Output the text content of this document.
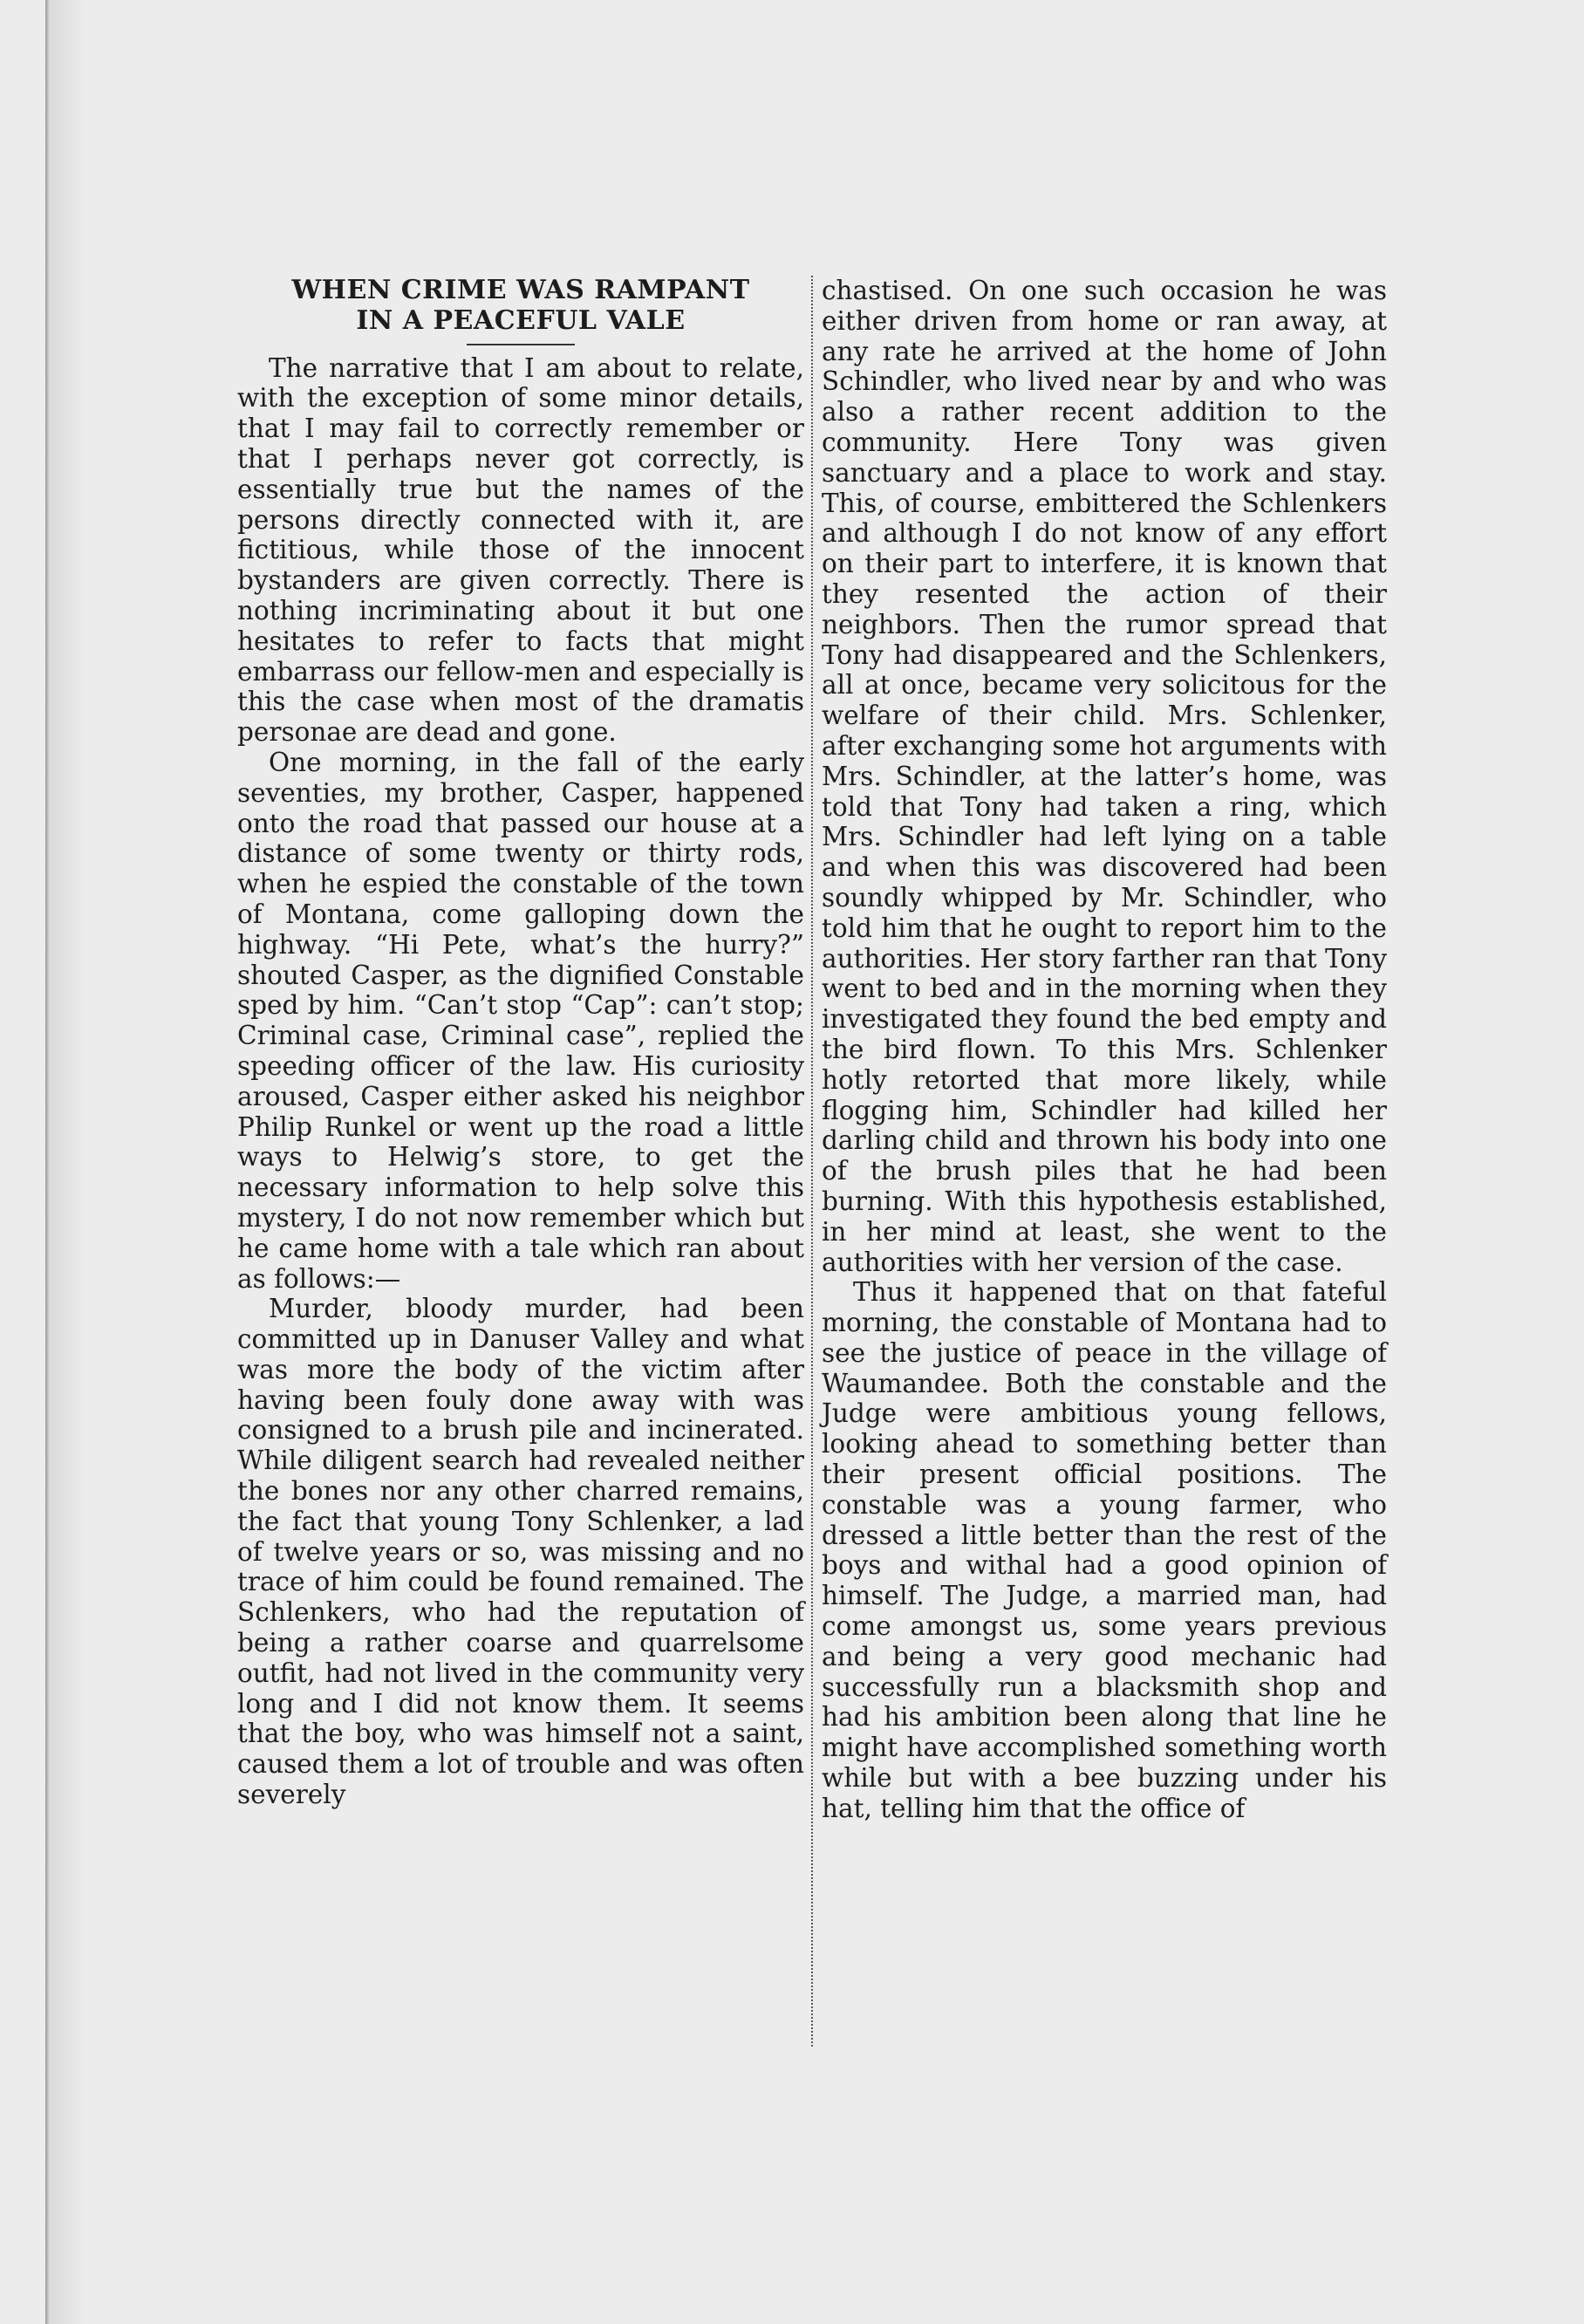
WHEN CRIME WAS RAMPANT
IN A PEACEFUL VALE

The narrative that I am about to relate, with the exception of some minor details, that I may fail to correctly remember or that I perhaps never got correctly, is essentially true but the names of the persons directly connected with it, are fictitious, while those of the innocent bystanders are given correctly. There is nothing incriminating about it but one hesitates to refer to facts that might embarrass our fellow-men and especially is this the case when most of the dramatis personae are dead and gone.

One morning, in the fall of the early seventies, my brother, Casper, happened onto the road that passed our house at a distance of some twenty or thirty rods, when he espied the constable of the town of Montana, come galloping down the highway. “Hi Pete, what’s the hurry?” shouted Casper, as the dignified Constable sped by him. “Can’t stop “Cap”: can’t stop; Criminal case, Criminal case”, replied the speeding officer of the law. His curiosity aroused, Casper either asked his neighbor Philip Runkel or went up the road a little ways to Helwig’s store, to get the necessary information to help solve this mystery, I do not now remember which but he came home with a tale which ran about as follows:—

Murder, bloody murder, had been committed up in Danuser Valley and what was more the body of the victim after having been fouly done away with was consigned to a brush pile and incinerated. While diligent search had revealed neither the bones nor any other charred remains, the fact that young Tony Schlenker, a lad of twelve years or so, was missing and no trace of him could be found remained. The Schlenkers, who had the reputation of being a rather coarse and quarrelsome outfit, had not lived in the community very long and I did not know them. It seems that the boy, who was himself not a saint, caused them a lot of trouble and was often severely

chastised. On one such occasion he was either driven from home or ran away, at any rate he arrived at the home of John Schindler, who lived near by and who was also a rather recent addition to the community. Here Tony was given sanctuary and a place to work and stay. This, of course, embittered the Schlenkers and although I do not know of any effort on their part to interfere, it is known that they resented the action of their neighbors. Then the rumor spread that Tony had disappeared and the Schlenkers, all at once, became very solicitous for the welfare of their child. Mrs. Schlenker, after exchanging some hot arguments with Mrs. Schindler, at the latter’s home, was told that Tony had taken a ring, which Mrs. Schindler had left lying on a table and when this was discovered had been soundly whipped by Mr. Schindler, who told him that he ought to report him to the authorities. Her story farther ran that Tony went to bed and in the morning when they investigated they found the bed empty and the bird flown. To this Mrs. Schlenker hotly retorted that more likely, while flogging him, Schindler had killed her darling child and thrown his body into one of the brush piles that he had been burning. With this hypothesis established, in her mind at least, she went to the authorities with her version of the case.

Thus it happened that on that fateful morning, the constable of Montana had to see the justice of peace in the village of Waumandee. Both the constable and the Judge were ambitious young fellows, looking ahead to something better than their present official positions. The constable was a young farmer, who dressed a little better than the rest of the boys and withal had a good opinion of himself. The Judge, a married man, had come amongst us, some years previous and being a very good mechanic had successfully run a blacksmith shop and had his ambition been along that line he might have accomplished something worth while but with a bee buzzing under his hat, telling him that the office of
